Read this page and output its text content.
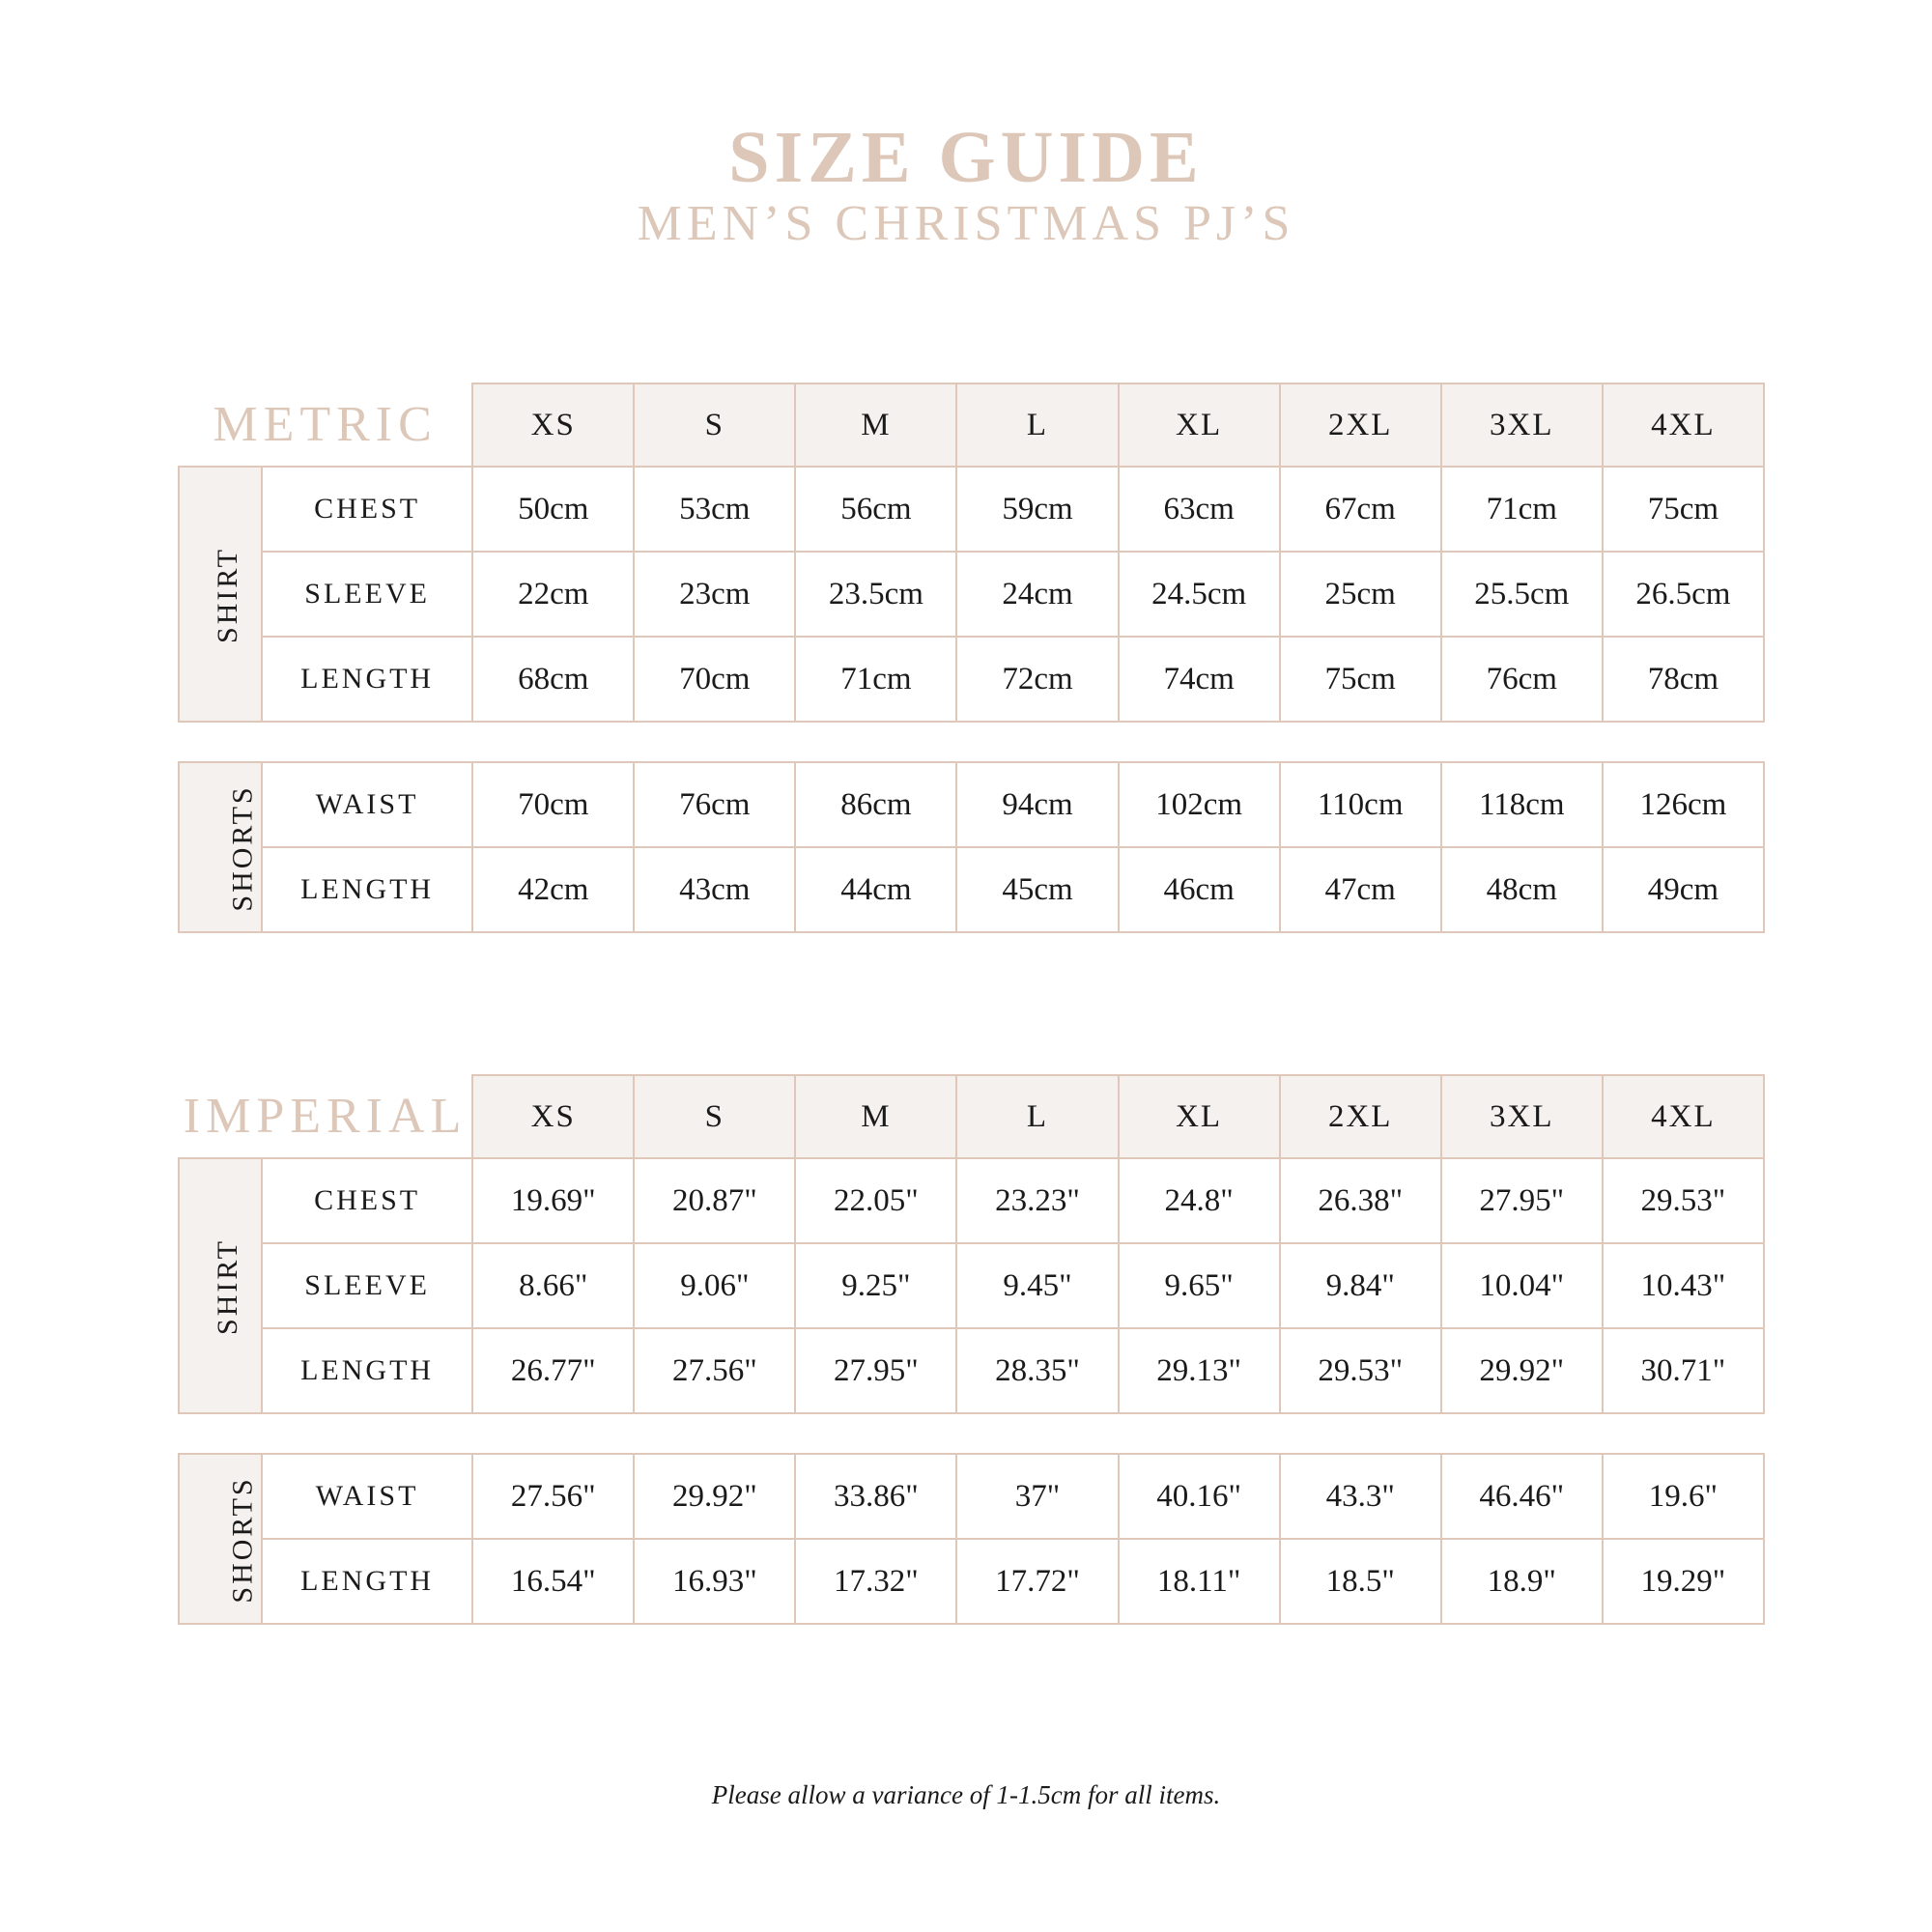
SIZE GUIDE
MEN’S CHRISTMAS PJ’S
METRIC		XS	S	M	L	XL	2XL	3XL	4XL
SHIRT	CHEST	50cm	53cm	56cm	59cm	63cm	67cm	71cm	75cm
	SLEEVE	22cm	23cm	23.5cm	24cm	24.5cm	25cm	25.5cm	26.5cm
	LENGTH	68cm	70cm	71cm	72cm	74cm	75cm	76cm	78cm

SHORTS	WAIST	70cm	76cm	86cm	94cm	102cm	110cm	118cm	126cm
	LENGTH	42cm	43cm	44cm	45cm	46cm	47cm	48cm	49cm
IMPERIAL		XS	S	M	L	XL	2XL	3XL	4XL
SHIRT	CHEST	19.69"	20.87"	22.05"	23.23"	24.8"	26.38"	27.95"	29.53"
	SLEEVE	8.66"	9.06"	9.25"	9.45"	9.65"	9.84"	10.04"	10.43"
	LENGTH	26.77"	27.56"	27.95"	28.35"	29.13"	29.53"	29.92"	30.71"

SHORTS	WAIST	27.56"	29.92"	33.86"	37"	40.16"	43.3"	46.46"	19.6"
	LENGTH	16.54"	16.93"	17.32"	17.72"	18.11"	18.5"	18.9"	19.29"
Please allow a variance of 1-1.5cm for all items.
